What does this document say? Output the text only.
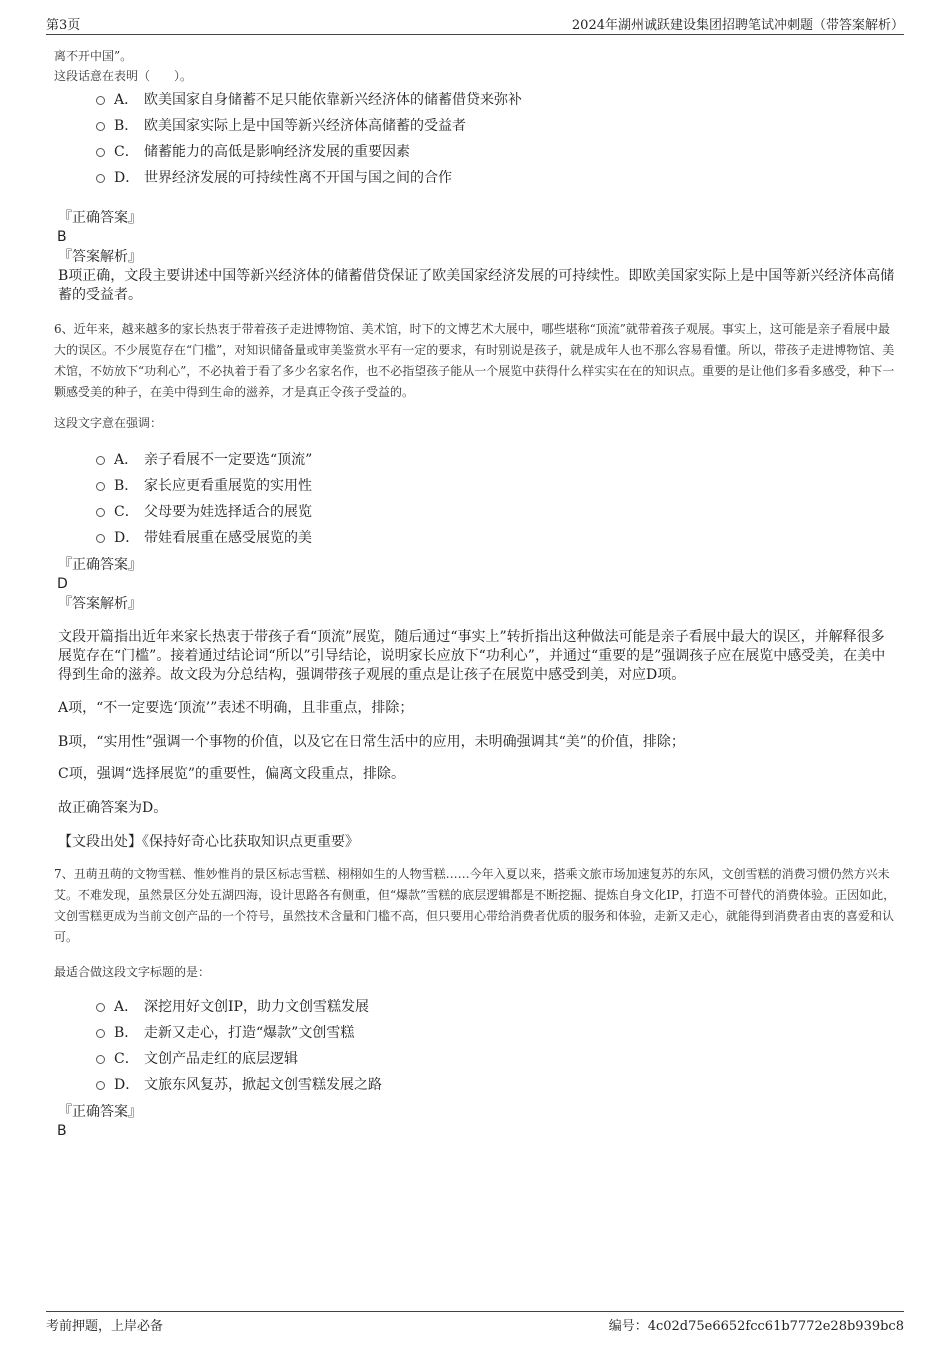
第3页	2024年湖州诚跃建设集团招聘笔试冲刺题（带答案解析）
离不开中国”。
这段话意在表明（　　）。
A． 欧美国家自身储蓄不足只能依靠新兴经济体的储蓄借贷来弥补
B． 欧美国家实际上是中国等新兴经济体高储蓄的受益者
C． 储蓄能力的高低是影响经济发展的重要因素
D． 世界经济发展的可持续性离不开国与国之间的合作
『正确答案』
B
『答案解析』

B项正确，文段主要讲述中国等新兴经济体的储蓄借贷保证了欧美国家经济发展的可持续性。即欧美国家实际上是中国等新兴经济体高储蓄的受益者。

6、近年来，越来越多的家长热衷于带着孩子走进博物馆、美术馆，时下的文博艺术大展中，哪些堪称“顶流”就带着孩子观展。事实上，这可能是亲子看展中最大的误区。不少展览存在“门槛”，对知识储备量或审美鉴赏水平有一定的要求，有时别说是孩子，就是成年人也不那么容易看懂。所以，带孩子走进博物馆、美术馆，不妨放下“功利心”，不必执着于看了多少名家名作，也不必指望孩子能从一个展览中获得什么样实实在在的知识点。重要的是让他们多看多感受，种下一颗感受美的种子，在美中得到生命的滋养，才是真正令孩子受益的。

这段文字意在强调：
A． 亲子看展不一定要选“顶流”
B． 家长应更看重展览的实用性
C． 父母要为娃选择适合的展览
D． 带娃看展重在感受展览的美
『正确答案』
D
『答案解析』

文段开篇指出近年来家长热衷于带孩子看“顶流”展览，随后通过“事实上”转折指出这种做法可能是亲子看展中最大的误区，并解释很多展览存在“门槛”。接着通过结论词“所以”引导结论，说明家长应放下“功利心”，并通过“重要的是”强调孩子应在展览中感受美，在美中得到生命的滋养。故文段为分总结构，强调带孩子观展的重点是让孩子在展览中感受到美，对应D项。

A项，“不一定要选‘顶流’”表述不明确，且非重点，排除；
B项，“实用性”强调一个事物的价值，以及它在日常生活中的应用，未明确强调其“美”的价值，排除；
C项，强调“选择展览”的重要性，偏离文段重点，排除。
故正确答案为D。
【文段出处】《保持好奇心比获取知识点更重要》

7、丑萌丑萌的文物雪糕、惟妙惟肖的景区标志雪糕、栩栩如生的人物雪糕……今年入夏以来，搭乘文旅市场加速复苏的东风，文创雪糕的消费习惯仍然方兴未艾。不难发现，虽然景区分处五湖四海，设计思路各有侧重，但“爆款”雪糕的底层逻辑都是不断挖掘、提炼自身文化IP，打造不可替代的消费体验。正因如此，文创雪糕更成为当前文创产品的一个符号，虽然技术含量和门槛不高，但只要用心带给消费者优质的服务和体验，走新又走心，就能得到消费者由衷的喜爱和认可。

最适合做这段文字标题的是：
A． 深挖用好文创IP，助力文创雪糕发展
B． 走新又走心，打造“爆款”文创雪糕
C． 文创产品走红的底层逻辑
D． 文旅东风复苏，掀起文创雪糕发展之路
『正确答案』
B
考前押题，上岸必备	编号：4c02d75e6652fcc61b7772e28b939bc8
